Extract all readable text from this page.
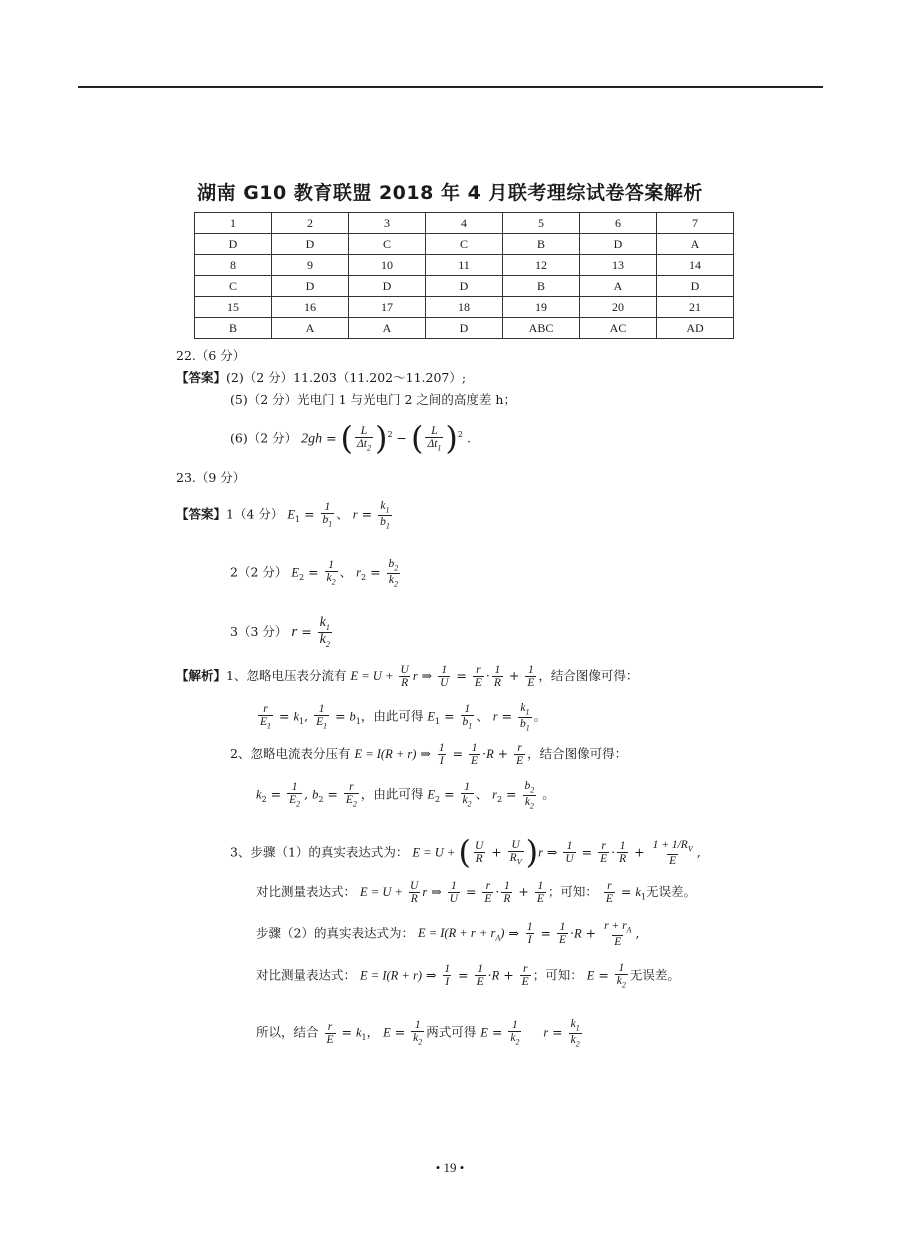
湖南 G10 教育联盟 2018 年 4 月联考理综试卷答案解析
1	2	3	4	5	6	7
D	D	C	C	B	D	A
8	9	10	11	12	13	14
C	D	D	D	B	A	D
15	16	17	18	19	20	21
B	A	A	D	ABC	AC	AD
22.（6 分）
【答案】(2)（2 分）11.203（11.202～11.207）;
(5)（2 分）光电门 1 与光电门 2 之间的高度差 h；
(6)（2 分） 2gh = ( $\frac{L}{\Delta t_2} )^2$ − ( $\frac{L}{\Delta t_1} )^2$ .
23.（9 分）
【答案】1（4 分） $E_1 = \frac{1}{b_1}$ 、 $r = \frac{k_1}{b_1}$
2（2 分） $E_2 = \frac{1}{k_2}$ 、 $r_2 = \frac{b_2}{k_2}$
3（3 分） $r = \frac{k_1}{k_2}$
【解析】1、忽略电压表分流有 $E = U + \frac{U}{R}$ r ⇒ $\frac{1}{U} = \frac{r}{E} \cdot \frac{1}{R} + \frac{1}{E}$ ，结合图像可得：
$\frac{r}{E_1} = k_1$, $\frac{1}{E_1} = b_1$，由此可得 $E_1 = \frac{1}{b_1}$ 、 $r = \frac{k_1}{b_1}$ 。
2、忽略电流表分压有 E = I(R + r) ⇒ $\frac{1}{I} = \frac{1}{E} \cdot R + \frac{r}{E}$ ，结合图像可得：
$k_2 = \frac{1}{E_2}$ , $b_2 = \frac{r}{E_2}$ ，由此可得 $E_2 = \frac{1}{k_2}$ 、 $r_2 = \frac{b_2}{k_2}$ 。
3、步骤（1）的真实表达式为： E = U + ( $\frac{U}{R} + \frac{U}{R_V} )r$ ⇒ $\frac{1}{U} = \frac{r}{E} \cdot \frac{1}{R} + \frac{1 + 1/R_V}{E}$ ,
对比测量表达式： $E = U + \frac{U}{R}$ r ⇒ $\frac{1}{U} = \frac{r}{E} \cdot \frac{1}{R} + \frac{1}{E}$ ；可知： $\frac{r}{E} = k_1$无误差。
步骤（2）的真实表达式为： $E = I(R + r + r_A)$ ⇒ $\frac{1}{I} = \frac{1}{E} \cdot R + \frac{r + r_A}{E}$ ,
对比测量表达式： E = I(R + r) ⇒ $\frac{1}{I} = \frac{1}{E} \cdot R + \frac{r}{E}$ ；可知： $E = \frac{1}{k_2}$ 无误差。
所以，结合 $\frac{r}{E} = k_1$， $E = \frac{1}{k_2}$ 两式可得 $E = \frac{1}{k_2}$ $r = \frac{k_1}{k_2}$
• 19 •
